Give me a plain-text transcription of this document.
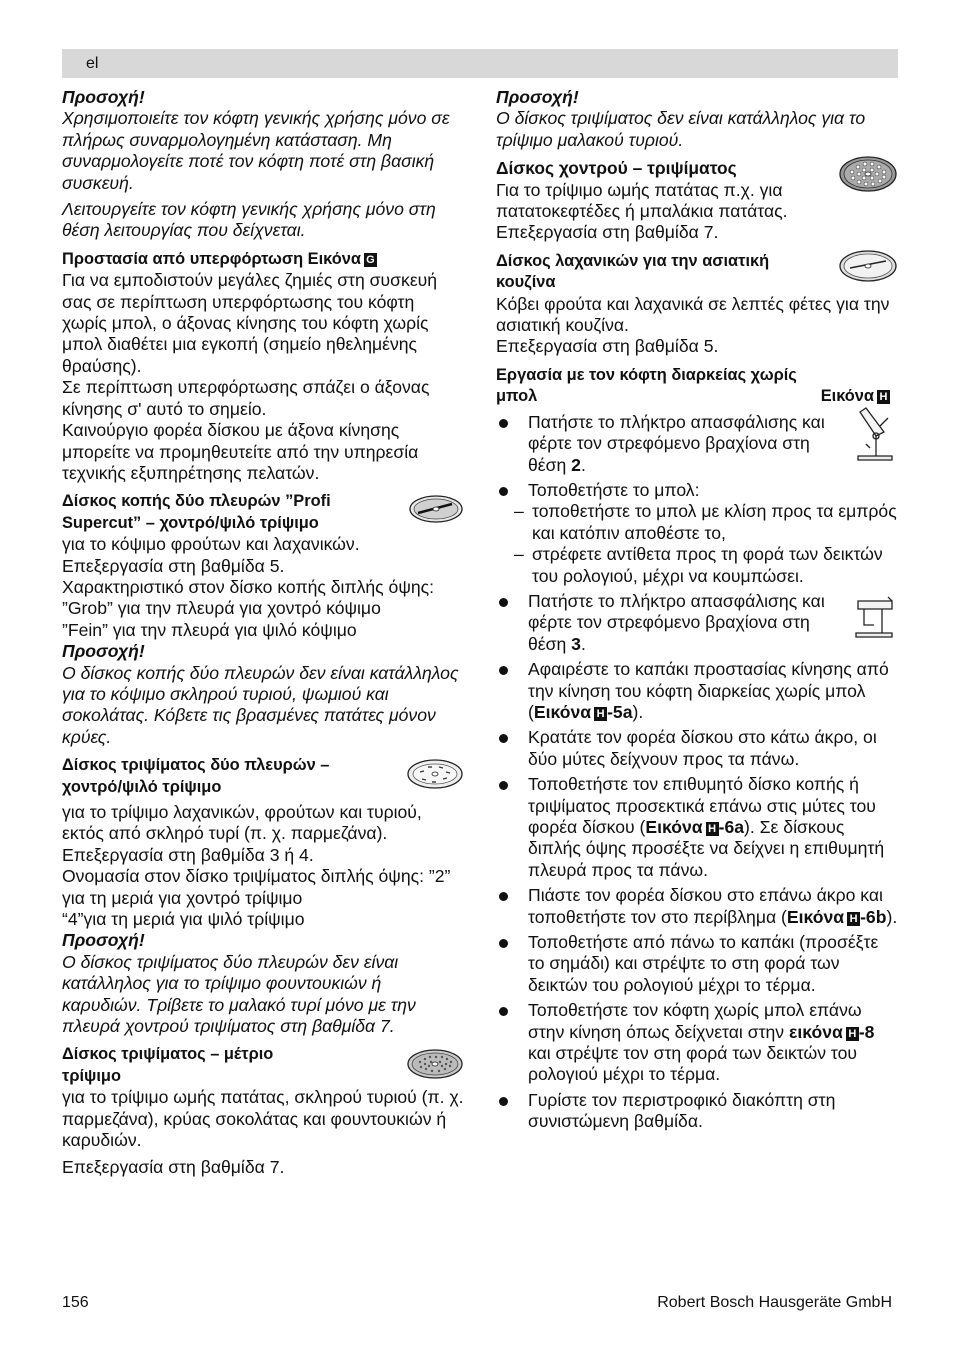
el

Προσοχή!

Χρησιμοποιείτε τον κόφτη γενικής χρήσης μόνο σε πλήρως συναρμολογημένη κατάσταση. Μη συναρμολογείτε ποτέ τον κόφτη ποτέ στη βασική συσκευή.

Λειτουργείτε τον κόφτη γενικής χρήσης μόνο στη θέση λειτουργίας που δείχνεται.

Προστασία από υπερφόρτωση Εικόνα G

Για να εμποδιστούν μεγάλες ζημιές στη συσκευή σας σε περίπτωση υπερφόρτωσης του κόφτη χωρίς μπολ, ο άξονας κίνησης του κόφτη χωρίς μπολ διαθέτει μια εγκοπή (σημείο ηθελημένης θραύσης).

Σε περίπτωση υπερφόρτωσης σπάζει ο άξονας κίνησης σ' αυτό το σημείο.

Καινούργιο φορέα δίσκου με άξονα κίνησης μπορείτε να προμηθευτείτε από την υπηρεσία τεχνικής εξυπηρέτησης πελατών.

Δίσκος κοπής δύο πλευρών ”Profi Supercut” – χοντρό/ψιλό τρίψιμο

για το κόψιμο φρούτων και λαχανικών.

Επεξεργασία στη βαθμίδα 5.

Χαρακτηριστικό στον δίσκο κοπής διπλής όψης: ”Grob” για την πλευρά για χοντρό κόψιμο

”Fein” για την πλευρά για ψιλό κόψιμο

Προσοχή!

Ο δίσκος κοπής δύο πλευρών δεν είναι κατάλληλος για το κόψιμο σκληρού τυριού, ψωμιού και σοκολάτας. Κόβετε τις βρασμένες πατάτες μόνον κρύες.

Δίσκος τριψίματος δύο πλευρών – χοντρό/ψιλό τρίψιμο

για το τρίψιμο λαχανικών, φρούτων και τυριού, εκτός από σκληρό τυρί (π. χ. παρμεζάνα). Επεξεργασία στη βαθμίδα 3 ή 4.

Ονομασία στον δίσκο τριψίματος διπλής όψης: ”2” για τη μεριά για χοντρό τρίψιμο

“4”για τη μεριά για ψιλό τρίψιμο

Προσοχή!

Ο δίσκος τριψίματος δύο πλευρών δεν είναι κατάλληλος για το τρίψιμο φουντουκιών ή καρυδιών. Τρίβετε το μαλακό τυρί μόνο με την πλευρά χοντρού τριψίματος στη βαθμίδα 7.

Δίσκος τριψίματος – μέτριο τρίψιμο

για το τρίψιμο ωμής πατάτας, σκληρού τυριού (π. χ. παρμεζάνα), κρύας σοκολάτας και φουντουκιών ή καρυδιών.

Επεξεργασία στη βαθμίδα 7.

Προσοχή!

Ο δίσκος τριψίματος δεν είναι κατάλληλος για το τρίψιμο μαλακού τυριού.

Δίσκος χοντρού – τριψίματος

Για το τρίψιμο ωμής πατάτας π.χ. για πατατοκεφτέδες ή μπαλάκια πατάτας.

Επεξεργασία στη βαθμίδα 7.

Δίσκος λαχανικών για την ασιατική κουζίνα

Κόβει φρούτα και λαχανικά σε λεπτές φέτες για την ασιατική κουζίνα.

Επεξεργασία στη βαθμίδα 5.

Εργασία με τον κόφτη διαρκείας χωρίς μπολ	Εικόνα H

Πατήστε το πλήκτρο απασφάλισης και φέρτε τον στρεφόμενο βραχίονα στη θέση 2.
Τοποθετήστε το μπολ:
– τοποθετήστε το μπολ με κλίση προς τα εμπρός και κατόπιν αποθέστε το,
– στρέφετε αντίθετα προς τη φορά των δεικτών του ρολογιού, μέχρι να κουμπώσει.
Πατήστε το πλήκτρο απασφάλισης και φέρτε τον στρεφόμενο βραχίονα στη θέση 3.
Αφαιρέστε το καπάκι προστασίας κίνησης από την κίνηση του κόφτη διαρκείας χωρίς μπολ (Εικόνα H -5a).
Κρατάτε τον φορέα δίσκου στο κάτω άκρο, οι δύο μύτες δείχνουν προς τα πάνω.
Τοποθετήστε τον επιθυμητό δίσκο κοπής ή τριψίματος προσεκτικά επάνω στις μύτες του φορέα δίσκου (Εικόνα H -6a). Σε δίσκους διπλής όψης προσέξτε να δείχνει η επιθυμητή πλευρά προς τα πάνω.
Πιάστε τον φορέα δίσκου στο επάνω άκρο και τοποθετήστε τον στο περίβλημα (Εικόνα H -6b).
Τοποθετήστε από πάνω το καπάκι (προσέξτε το σημάδι) και στρέψτε το στη φορά των δεικτών του ρολογιού μέχρι το τέρμα.
Τοποθετήστε τον κόφτη χωρίς μπολ επάνω στην κίνηση όπως δείχνεται στην εικόνα H -8 και στρέψτε τον στη φορά των δεικτών του ρολογιού μέχρι το τέρμα.
Γυρίστε τον περιστροφικό διακόπτη στη συνιστώμενη βαθμίδα.
156	Robert Bosch Hausgeräte GmbH
